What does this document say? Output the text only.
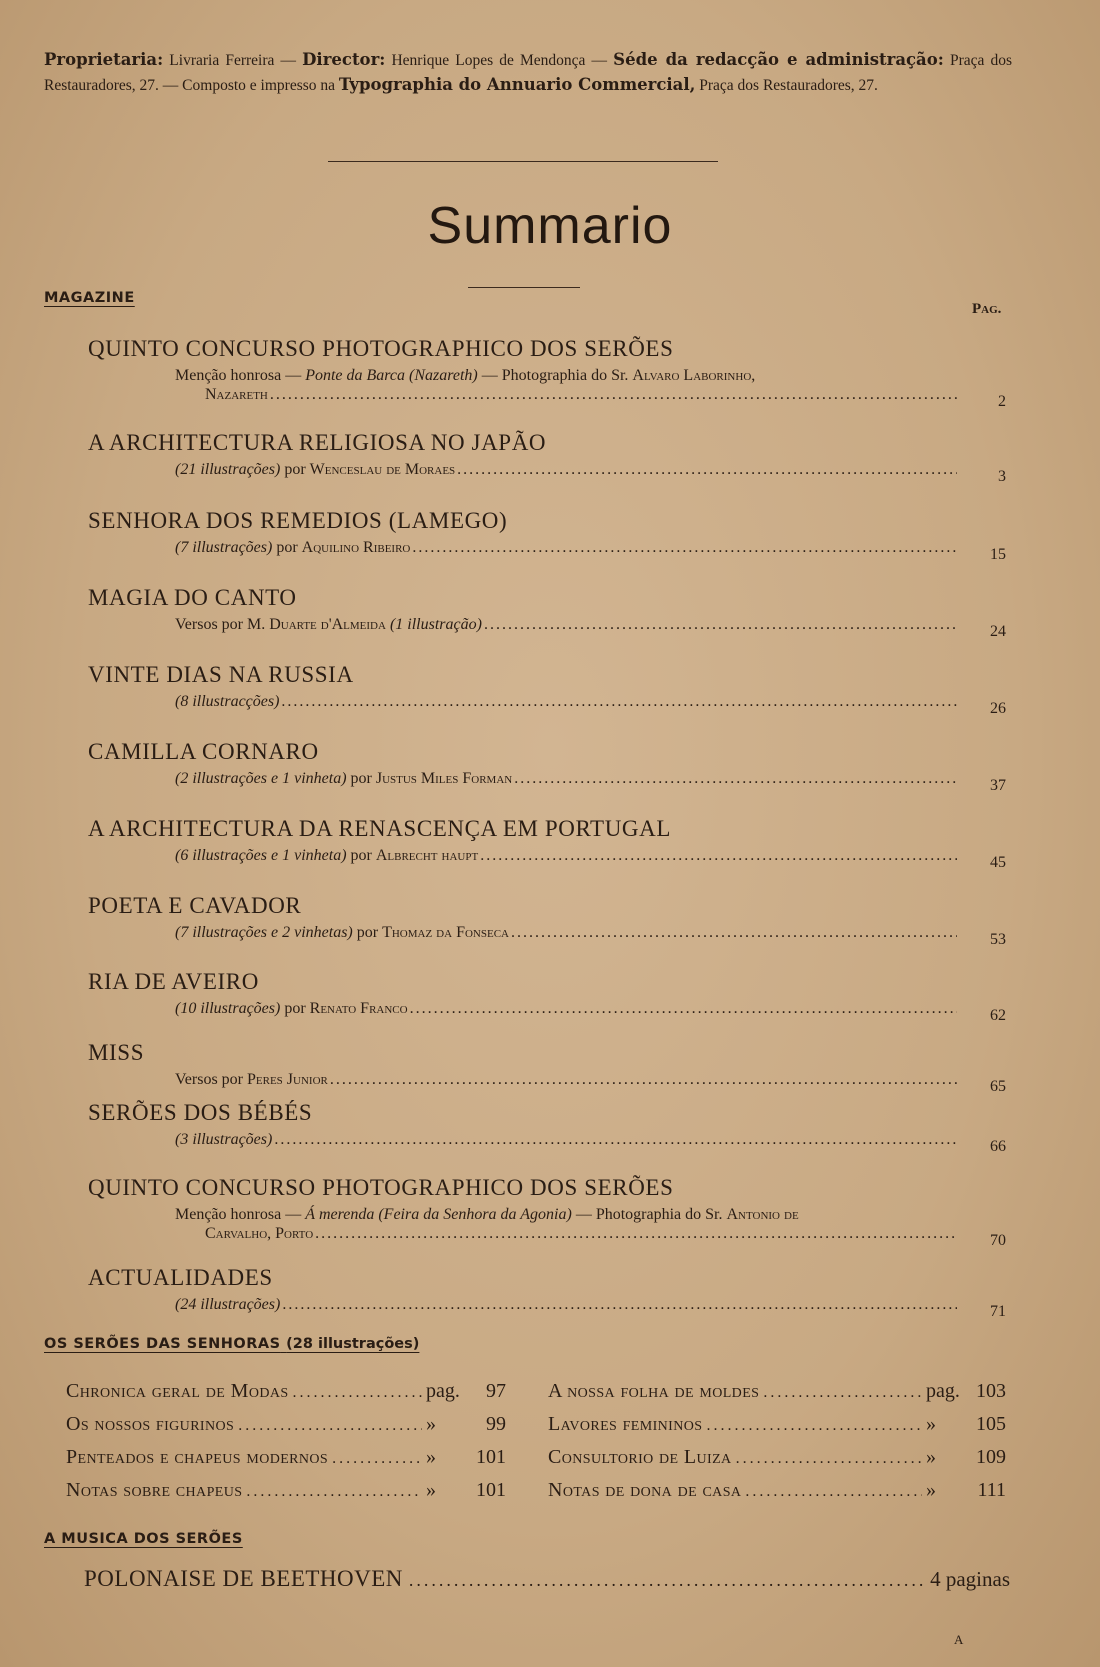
Proprietaria: Livraria Ferreira — Director: Henrique Lopes de Mendonça — Séde da redacção e administração: Praça dos Restauradores, 27. — Composto e impresso na Typographia do Annuario Commercial, Praça dos Restauradores, 27.
Summario
MAGAZINE
Pag.
QUINTO CONCURSO PHOTOGRAPHICO DOS SERÕES
Menção honrosa — Ponte da Barca (Nazareth) — Photographia do Sr. Alvaro Laborinho,
Nazareth .....	2
A ARCHITECTURA RELIGIOSA NO JAPÃO
(21 illustrações) por Wenceslau de Moraes .....	3
SENHORA DOS REMEDIOS (LAMEGO)
(7 illustrações) por Aquilino Ribeiro .....	15
MAGIA DO CANTO
Versos por M. Duarte d'Almeida (1 illustração) .....	24
VINTE DIAS NA RUSSIA
(8 illustracções) .....	26
CAMILLA CORNARO
(2 illustrações e 1 vinheta) por Justus Miles Forman .....	37
A ARCHITECTURA DA RENASCENÇA EM PORTUGAL
(6 illustrações e 1 vinheta) por Albrecht haupt .....	45
POETA E CAVADOR
(7 illustrações e 2 vinhetas) por Thomaz da Fonseca .....	53
RIA DE AVEIRO
(10 illustrações) por Renato Franco .....	62
MISS
Versos por Peres Junior .....	65
SERÕES DOS BÉBÉS
(3 illustrações) .....	66
QUINTO CONCURSO PHOTOGRAPHICO DOS SERÕES
Menção honrosa — Á merenda (Feira da Senhora da Agonia) — Photographia do Sr. Antonio de
Carvalho, Porto .....	70
ACTUALIDADES
(24 illustrações) .....	71
OS SERÕES DAS SENHORAS (28 illustrações)
Chronica geral de Modas .....	pag.	97 A nossa folha de moldes .....	pag. 103
Os nossos figurinos .....	»	99 Lavores femininos .....	»	105
Penteados e chapeus modernos .....	»	101 Consultorio de Luiza .....	»	109
Notas sobre chapeus .....	»	101 Notas de dona de casa .....	»	111
A MUSICA DOS SERÕES
POLONAISE DE BEETHOVEN .....	4 paginas
A
